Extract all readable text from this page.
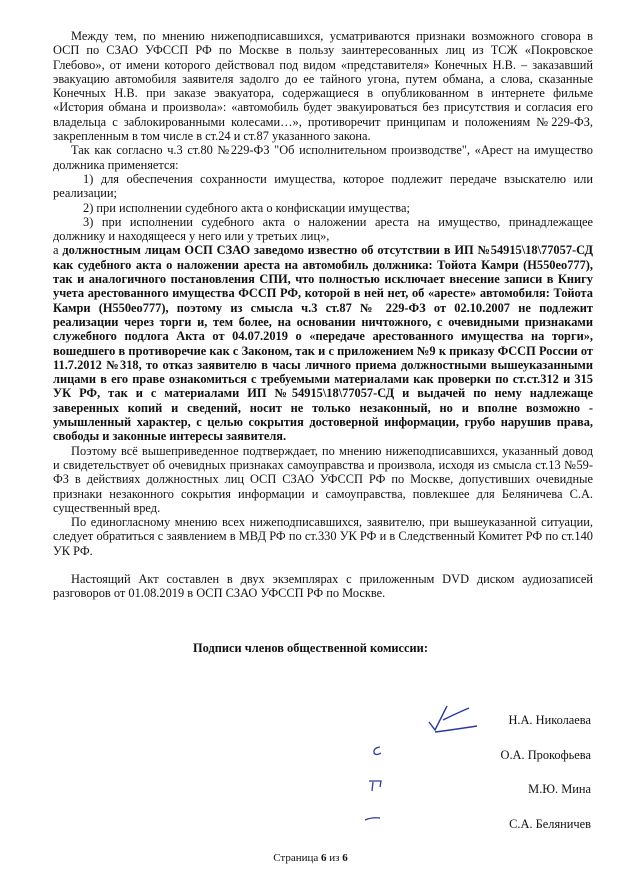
Между тем, по мнению нижеподписавшихся, усматриваются признаки возможного сговора в ОСП по СЗАО УФССП РФ по Москве в пользу заинтересованных лиц из ТСЖ «Покровское Глебово», от имени которого действовал под видом «представителя» Конечных Н.В. – заказавший эвакуацию автомобиля заявителя задолго до ее тайного угона, путем обмана, а слова, сказанные Конечных Н.В. при заказе эвакуатора, содержащиеся в опубликованном в интернете фильме «История обмана и произвола»: «автомобиль будет эвакуироваться без присутствия и согласия его владельца с заблокированными колесами…», противоречит принципам и положениям №229-ФЗ, закрепленным в том числе в ст.24 и ст.87 указанного закона.

Так как согласно ч.3 ст.80 №229-ФЗ "Об исполнительном производстве", «Арест на имущество должника применяется:

1) для обеспечения сохранности имущества, которое подлежит передаче взыскателю или реализации;

2) при исполнении судебного акта о конфискации имущества;

3) при исполнении судебного акта о наложении ареста на имущество, принадлежащее должнику и находящееся у него или у третьих лиц»,

а должностным лицам ОСП СЗАО заведомо известно об отсутствии в ИП №54915\18\77057-СД как судебного акта о наложении ареста на автомобиль должника: Тойота Камри (Н550ео777), так и аналогичного постановления СПИ, что полностью исключает внесение записи в Книгу учета арестованного имущества ФССП РФ, которой в ней нет, об «аресте» автомобиля: Тойота Камри (Н550ео777), поэтому из смысла ч.3 ст.87 № 229-ФЗ от 02.10.2007 не подлежит реализации через торги и, тем более, на основании ничтожного, с очевидными признаками служебного подлога Акта от 04.07.2019 о «передаче арестованного имущества на торги», вошедшего в противоречие как с Законом, так и с приложением №9 к приказу ФССП России от 11.7.2012 №318, то отказ заявителю в часы личного приема должностными вышеуказанными лицами в его праве ознакомиться с требуемыми материалами как проверки по ст.ст.312 и 315 УК РФ, так и с материалами ИП №54915\18\77057-СД и выдачей по нему надлежаще заверенных копий и сведений, носит не только незаконный, но и вполне возможно - умышленный характер, с целью сокрытия достоверной информации, грубо нарушив права, свободы и законные интересы заявителя.

Поэтому всё вышеприведенное подтверждает, по мнению нижеподписавшихся, указанный довод и свидетельствует об очевидных признаках самоуправства и произвола, исходя из смысла ст.13 №59-ФЗ в действиях должностных лиц ОСП СЗАО УФССП РФ по Москве, допустивших очевидные признаки незаконного сокрытия информации и самоуправства, повлекшее для Беляничева С.А. существенный вред.

По единогласному мнению всех нижеподписавшихся, заявителю, при вышеуказанной ситуации, следует обратиться с заявлением в МВД РФ по ст.330 УК РФ и в Следственный Комитет РФ по ст.140 УК РФ.

Настоящий Акт составлен в двух экземплярах с приложенным DVD диском аудиозаписей разговоров от 01.08.2019 в ОСП СЗАО УФССП РФ по Москве.

Подписи членов общественной комиссии:
Н.А. Николаева
О.А. Прокофьева
М.Ю. Мина
С.А. Беляничев
Страница 6 из 6
